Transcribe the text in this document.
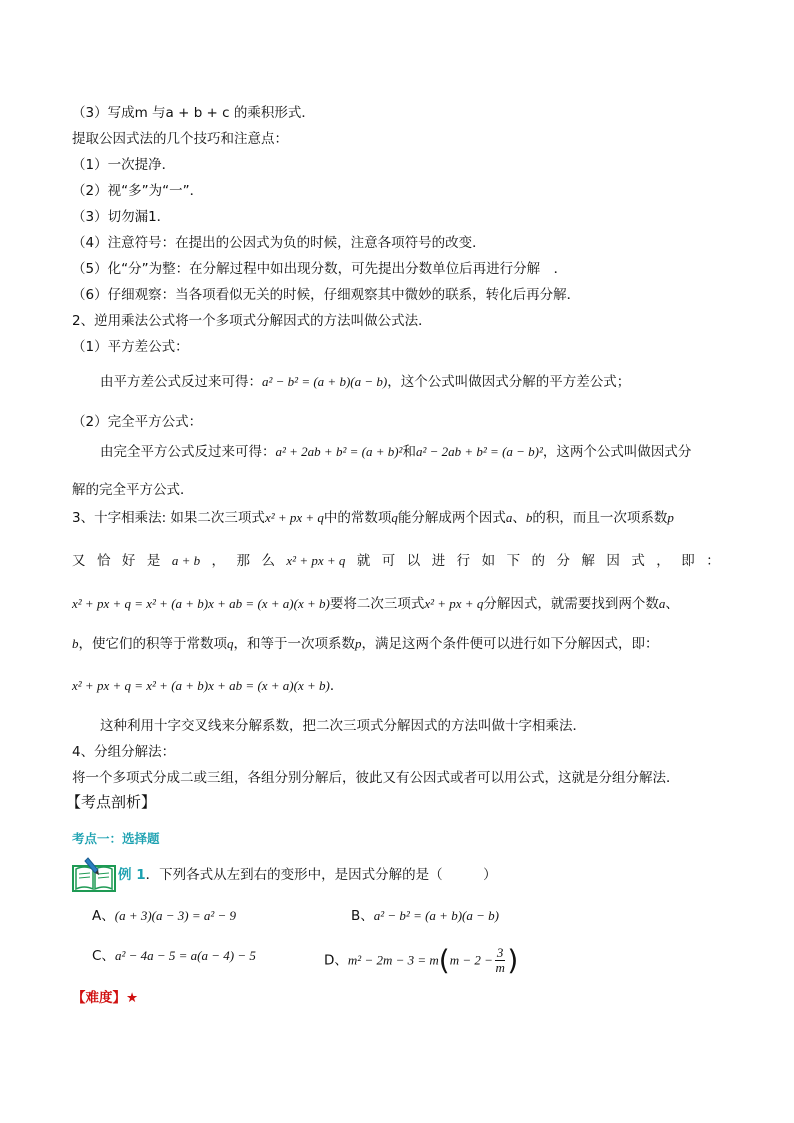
（3）写成m 与a + b + c 的乘积形式．
提取公因式法的几个技巧和注意点：
（1）一次提净．
（2）视“多”为“一”．
（3）切勿漏1．
（4）注意符号：在提出的公因式为负的时候，注意各项符号的改变．
（5）化“分”为整：在分解过程中如出现分数，可先提出分数单位后再进行分解　．
（6）仔细观察：当各项看似无关的时候，仔细观察其中微妙的联系，转化后再分解．
2、逆用乘法公式将一个多项式分解因式的方法叫做公式法．
（1）平方差公式：
由平方差公式反过来可得：a² − b² = (a + b)(a − b)，这个公式叫做因式分解的平方差公式；
（2）完全平方公式：
由完全平方公式反过来可得：a² + 2ab + b² = (a + b)²和a² − 2ab + b² = (a − b)²，这两个公式叫做因式分
解的完全平方公式．
3、十字相乘法: 如果二次三项式x² + px + q中的常数项q能分解成两个因式a、b的积，而且一次项系数p
又 恰 好 是 a + b ， 那 么 x² + px + q 就 可 以 进 行 如 下 的 分 解 因 式 ， 即 ：
x² + px + q = x² + (a + b)x + ab = (x + a)(x + b)要将二次三项式x² + px + q分解因式，就需要找到两个数a、
b，使它们的积等于常数项q，和等于一次项系数p，满足这两个条件便可以进行如下分解因式，即：
x² + px + q = x² + (a + b)x + ab = (x + a)(x + b)．
这种利用十字交叉线来分解系数，把二次三项式分解因式的方法叫做十字相乘法．
4、分组分解法：
将一个多项式分成二或三组，各组分别分解后，彼此又有公因式或者可以用公式，这就是分组分解法．
【考点剖析】
考点一：选择题
例 1．下列各式从左到右的变形中，是因式分解的是（　　　）
A、(a + 3)(a − 3) = a² − 9	B、a² − b² = (a + b)(a − b)
C、a² − 4a − 5 = a(a − 4) − 5	D、$m^2 - 2m - 3 = m(m - 2 - \frac{3}{m}$ )
【难度】★
